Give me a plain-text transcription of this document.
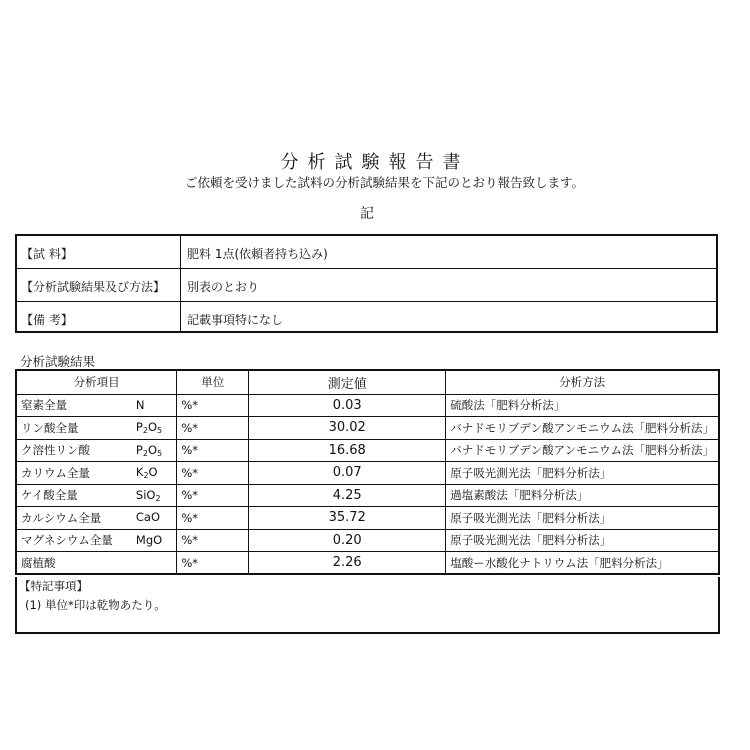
分析試験報告書
ご依頼を受けました試料の分析試験結果を下記のとおり報告致します。
記
【試 料】	肥料 1点(依頼者持ち込み)
【分析試験結果及び方法】 別表のとおり
【備 考】	記載事項特になし
分析試験結果
分析項目		単位	測定値	分析方法
窒素全量	N	%*	0.03	硫酸法「肥料分析法」
リン酸全量	$P_2O_5$	%*	30.02	バナドモリブデン酸アンモニウム法「肥料分析法」
ク溶性リン酸	$P_2O_5$	%*	16.68	バナドモリブデン酸アンモニウム法「肥料分析法」
カリウム全量	$K_2O$	%*	0.07	原子吸光測光法「肥料分析法」
ケイ酸全量	SiO$_2$	%*	4.25	過塩素酸法「肥料分析法」
カルシウム全量	CaO	%*	35.72	原子吸光測光法「肥料分析法」
マグネシウム全量	MgO	%*	0.20	原子吸光測光法「肥料分析法」
腐植酸		%*	2.26	塩酸ー水酸化ナトリウム法「肥料分析法」
【特記事項】
(1) 単位*印は乾物あたり。
